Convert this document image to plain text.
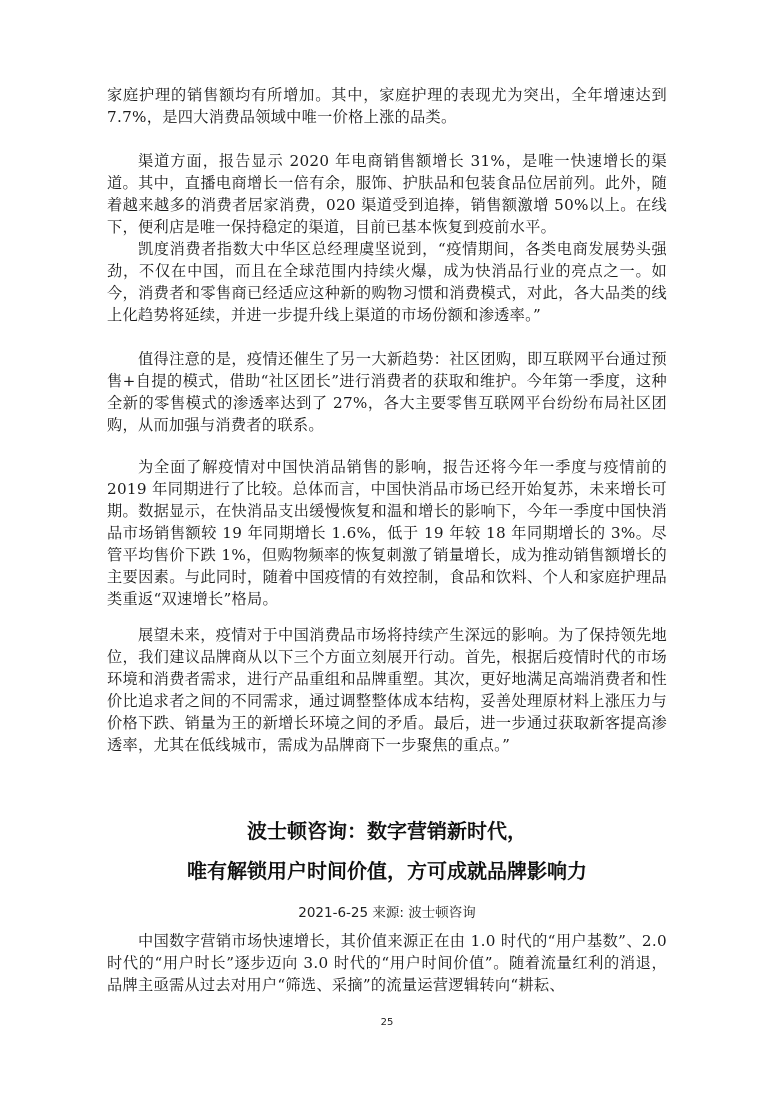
家庭护理的销售额均有所增加。其中，家庭护理的表现尤为突出，全年增速达到7.7%，是四大消费品领域中唯一价格上涨的品类。

渠道方面，报告显示 2020 年电商销售额增长 31%，是唯一快速增长的渠道。其中，直播电商增长一倍有余，服饰、护肤品和包装食品位居前列。此外，随着越来越多的消费者居家消费，020 渠道受到追捧，销售额激增 50%以上。在线下，便利店是唯一保持稳定的渠道，目前已基本恢复到疫前水平。

凯度消费者指数大中华区总经理虞坚说到，“疫情期间，各类电商发展势头强劲，不仅在中国，而且在全球范围内持续火爆，成为快消品行业的亮点之一。如今，消费者和零售商已经适应这种新的购物习惯和消费模式，对此，各大品类的线上化趋势将延续，并进一步提升线上渠道的市场份额和渗透率。”

值得注意的是，疫情还催生了另一大新趋势：社区团购，即互联网平台通过预售+自提的模式，借助“社区团长”进行消费者的获取和维护。今年第一季度，这种全新的零售模式的渗透率达到了 27%，各大主要零售互联网平台纷纷布局社区团购，从而加强与消费者的联系。

为全面了解疫情对中国快消品销售的影响，报告还将今年一季度与疫情前的2019 年同期进行了比较。总体而言，中国快消品市场已经开始复苏，未来增长可期。数据显示，在快消品支出缓慢恢复和温和增长的影响下，今年一季度中国快消品市场销售额较 19 年同期增长 1.6%，低于 19 年较 18 年同期增长的 3%。尽管平均售价下跌 1%，但购物频率的恢复刺激了销量增长，成为推动销售额增长的主要因素。与此同时，随着中国疫情的有效控制，食品和饮料、个人和家庭护理品类重返“双速增长”格局。

展望未来，疫情对于中国消费品市场将持续产生深远的影响。为了保持领先地位，我们建议品牌商从以下三个方面立刻展开行动。首先，根据后疫情时代的市场环境和消费者需求，进行产品重组和品牌重塑。其次，更好地满足高端消费者和性价比追求者之间的不同需求，通过调整整体成本结构，妥善处理原材料上涨压力与价格下跌、销量为王的新增长环境之间的矛盾。最后，进一步通过获取新客提高渗透率，尤其在低线城市，需成为品牌商下一步聚焦的重点。”

波士顿咨询：数字营销新时代，
唯有解锁用户时间价值，方可成就品牌影响力
2021-6-25 来源: 波士顿咨询

中国数字营销市场快速增长，其价值来源正在由 1.0 时代的“用户基数”、2.0 时代的“用户时长”逐步迈向 3.0 时代的“用户时间价值”。随着流量红利的消退，品牌主亟需从过去对用户“筛选、采摘”的流量运营逻辑转向“耕耘、

25
